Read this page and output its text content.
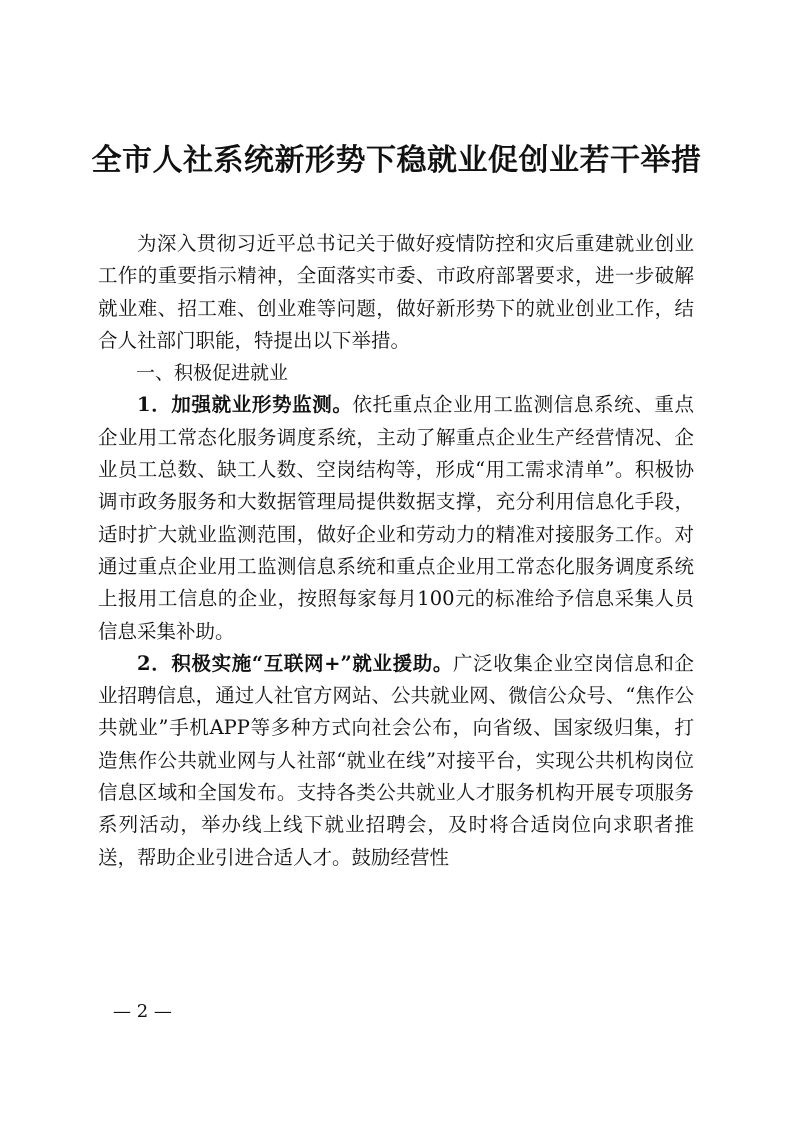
全市人社系统新形势下稳就业促创业若干举措

为深入贯彻习近平总书记关于做好疫情防控和灾后重建就业创业工作的重要指示精神，全面落实市委、市政府部署要求，进一步破解就业难、招工难、创业难等问题，做好新形势下的就业创业工作，结合人社部门职能，特提出以下举措。

一、积极促进就业

1．加强就业形势监测。依托重点企业用工监测信息系统、重点企业用工常态化服务调度系统，主动了解重点企业生产经营情况、企业员工总数、缺工人数、空岗结构等，形成“用工需求清单”。积极协调市政务服务和大数据管理局提供数据支撑，充分利用信息化手段，适时扩大就业监测范围，做好企业和劳动力的精准对接服务工作。对通过重点企业用工监测信息系统和重点企业用工常态化服务调度系统上报用工信息的企业，按照每家每月100元的标准给予信息采集人员信息采集补助。

2．积极实施“互联网+”就业援助。广泛收集企业空岗信息和企业招聘信息，通过人社官方网站、公共就业网、微信公众号、“焦作公共就业”手机APP等多种方式向社会公布，向省级、国家级归集，打造焦作公共就业网与人社部“就业在线”对接平台，实现公共机构岗位信息区域和全国发布。支持各类公共就业人才服务机构开展专项服务系列活动，举办线上线下就业招聘会，及时将合适岗位向求职者推送，帮助企业引进合适人才。鼓励经营性

— 2 —
